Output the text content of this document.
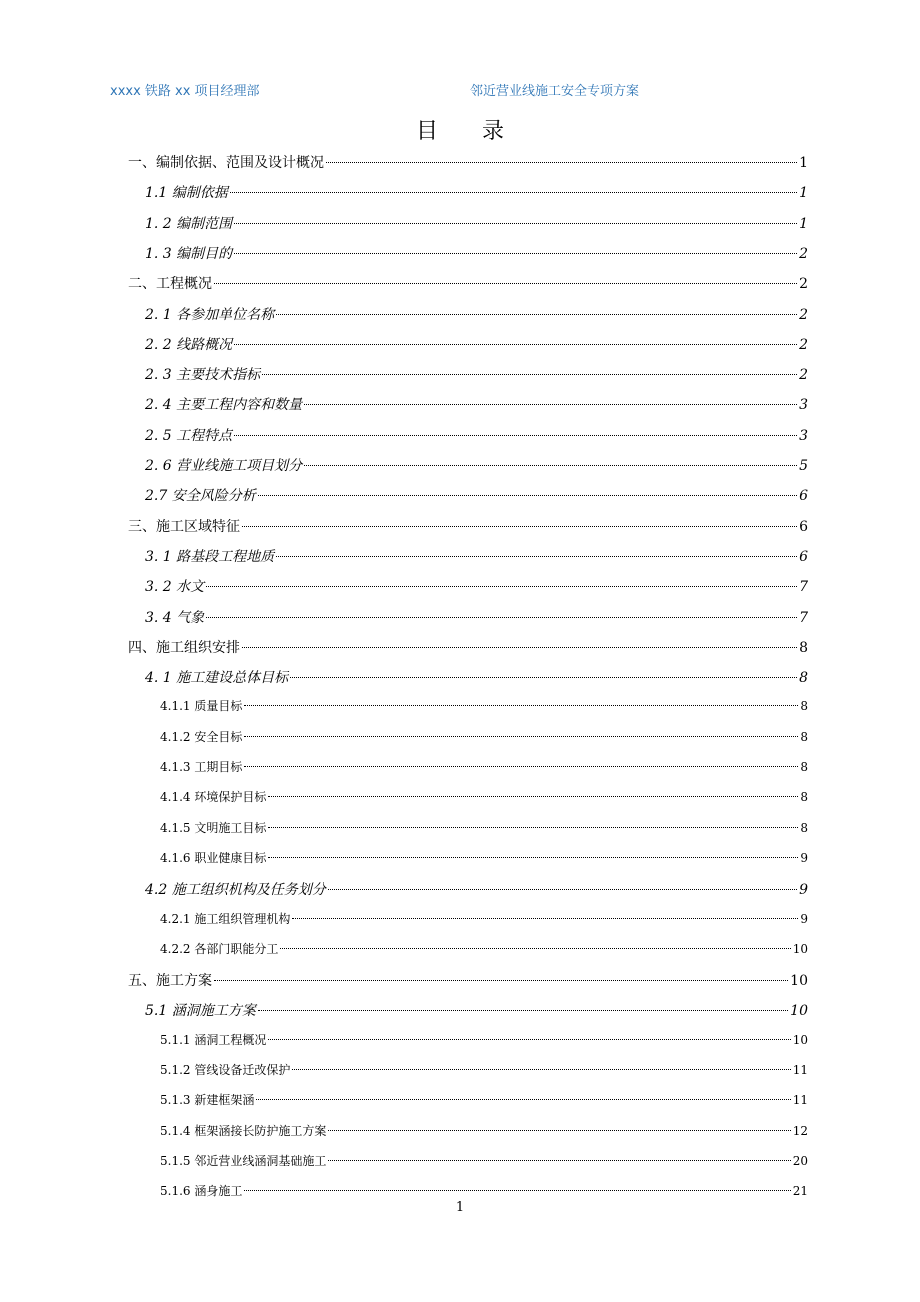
xxxx 铁路 xx 项目经理部	邻近营业线施工安全专项方案
目录
一、编制依据、范围及设计概况	1
1.1 编制依据	1
1. 2 编制范围	1
1. 3 编制目的	2
二、工程概况	2
2. 1 各参加单位名称	2
2. 2 线路概况	2
2. 3 主要技术指标	2
2. 4 主要工程内容和数量	3
2. 5 工程特点	3
2. 6 营业线施工项目划分	5
2.7 安全风险分析	6
三、施工区域特征	6
3. 1 路基段工程地质	6
3. 2 水文	7
3. 4 气象	7
四、施工组织安排	8
4. 1 施工建设总体目标	8
4.1.1 质量目标	8
4.1.2 安全目标	8
4.1.3 工期目标	8
4.1.4 环境保护目标	8
4.1.5 文明施工目标	8
4.1.6 职业健康目标	9
4.2 施工组织机构及任务划分	9
4.2.1 施工组织管理机构	9
4.2.2 各部门职能分工	10
五、施工方案	10
5.1 涵洞施工方案	10
5.1.1 涵洞工程概况	10
5.1.2 管线设备迁改保护	11
5.1.3 新建框架涵	11
5.1.4 框架涵接长防护施工方案	12
5.1.5 邻近营业线涵洞基础施工	20
5.1.6 涵身施工	21
1
